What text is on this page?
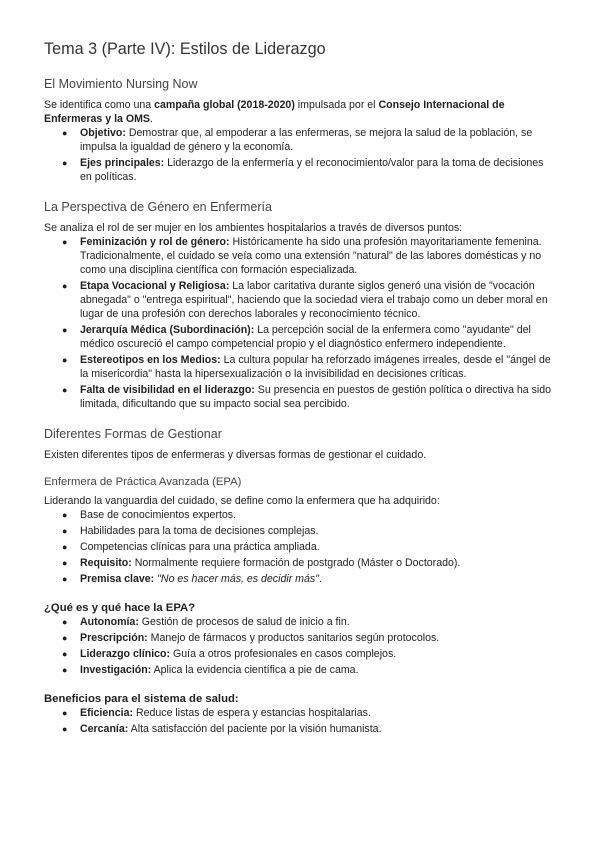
Tema 3 (Parte IV): Estilos de Liderazgo
El Movimiento Nursing Now

Se identifica como una campaña global (2018-2020) impulsada por el Consejo Internacional de Enfermeras y la OMS.

● Objetivo: Demostrar que, al empoderar a las enfermeras, se mejora la salud de la población, se impulsa la igualdad de género y la economía.
● Ejes principales: Liderazgo de la enfermería y el reconocimiento/valor para la toma de decisiones en políticas.
La Perspectiva de Género en Enfermería

Se analiza el rol de ser mujer en los ambientes hospitalarios a través de diversos puntos:

● Feminización y rol de género: Históricamente ha sido una profesión mayoritariamente femenina. Tradicionalmente, el cuidado se veía como una extensión "natural" de las labores domésticas y no como una disciplina científica con formación especializada.
● Etapa Vocacional y Religiosa: La labor caritativa durante siglos generó una visión de "vocación abnegada" o "entrega espiritual", haciendo que la sociedad viera el trabajo como un deber moral en lugar de una profesión con derechos laborales y reconocimiento técnico.
● Jerarquía Médica (Subordinación): La percepción social de la enfermera como "ayudante" del médico oscureció el campo competencial propio y el diagnóstico enfermero independiente.
● Estereotipos en los Medios: La cultura popular ha reforzado imágenes irreales, desde el "ángel de la misericordia" hasta la hipersexualización o la invisibilidad en decisiones críticas.
● Falta de visibilidad en el liderazgo: Su presencia en puestos de gestión política o directiva ha sido limitada, dificultando que su impacto social sea percibido.
Diferentes Formas de Gestionar

Existen diferentes tipos de enfermeras y diversas formas de gestionar el cuidado.

Enfermera de Práctica Avanzada (EPA)

Liderando la vanguardia del cuidado, se define como la enfermera que ha adquirido:

● Base de conocimientos expertos.
● Habilidades para la toma de decisiones complejas.
● Competencias clínicas para una práctica ampliada.
● Requisito: Normalmente requiere formación de postgrado (Máster o Doctorado).
● Premisa clave: "No es hacer más, es decidir más".
¿Qué es y qué hace la EPA?
● Autonomía: Gestión de procesos de salud de inicio a fin.
● Prescripción: Manejo de fármacos y productos sanitarios según protocolos.
● Liderazgo clínico: Guía a otros profesionales en casos complejos.
● Investigación: Aplica la evidencia científica a pie de cama.
Beneficios para el sistema de salud:
● Eficiencia: Reduce listas de espera y estancias hospitalarias.
● Cercanía: Alta satisfacción del paciente por la visión humanista.
